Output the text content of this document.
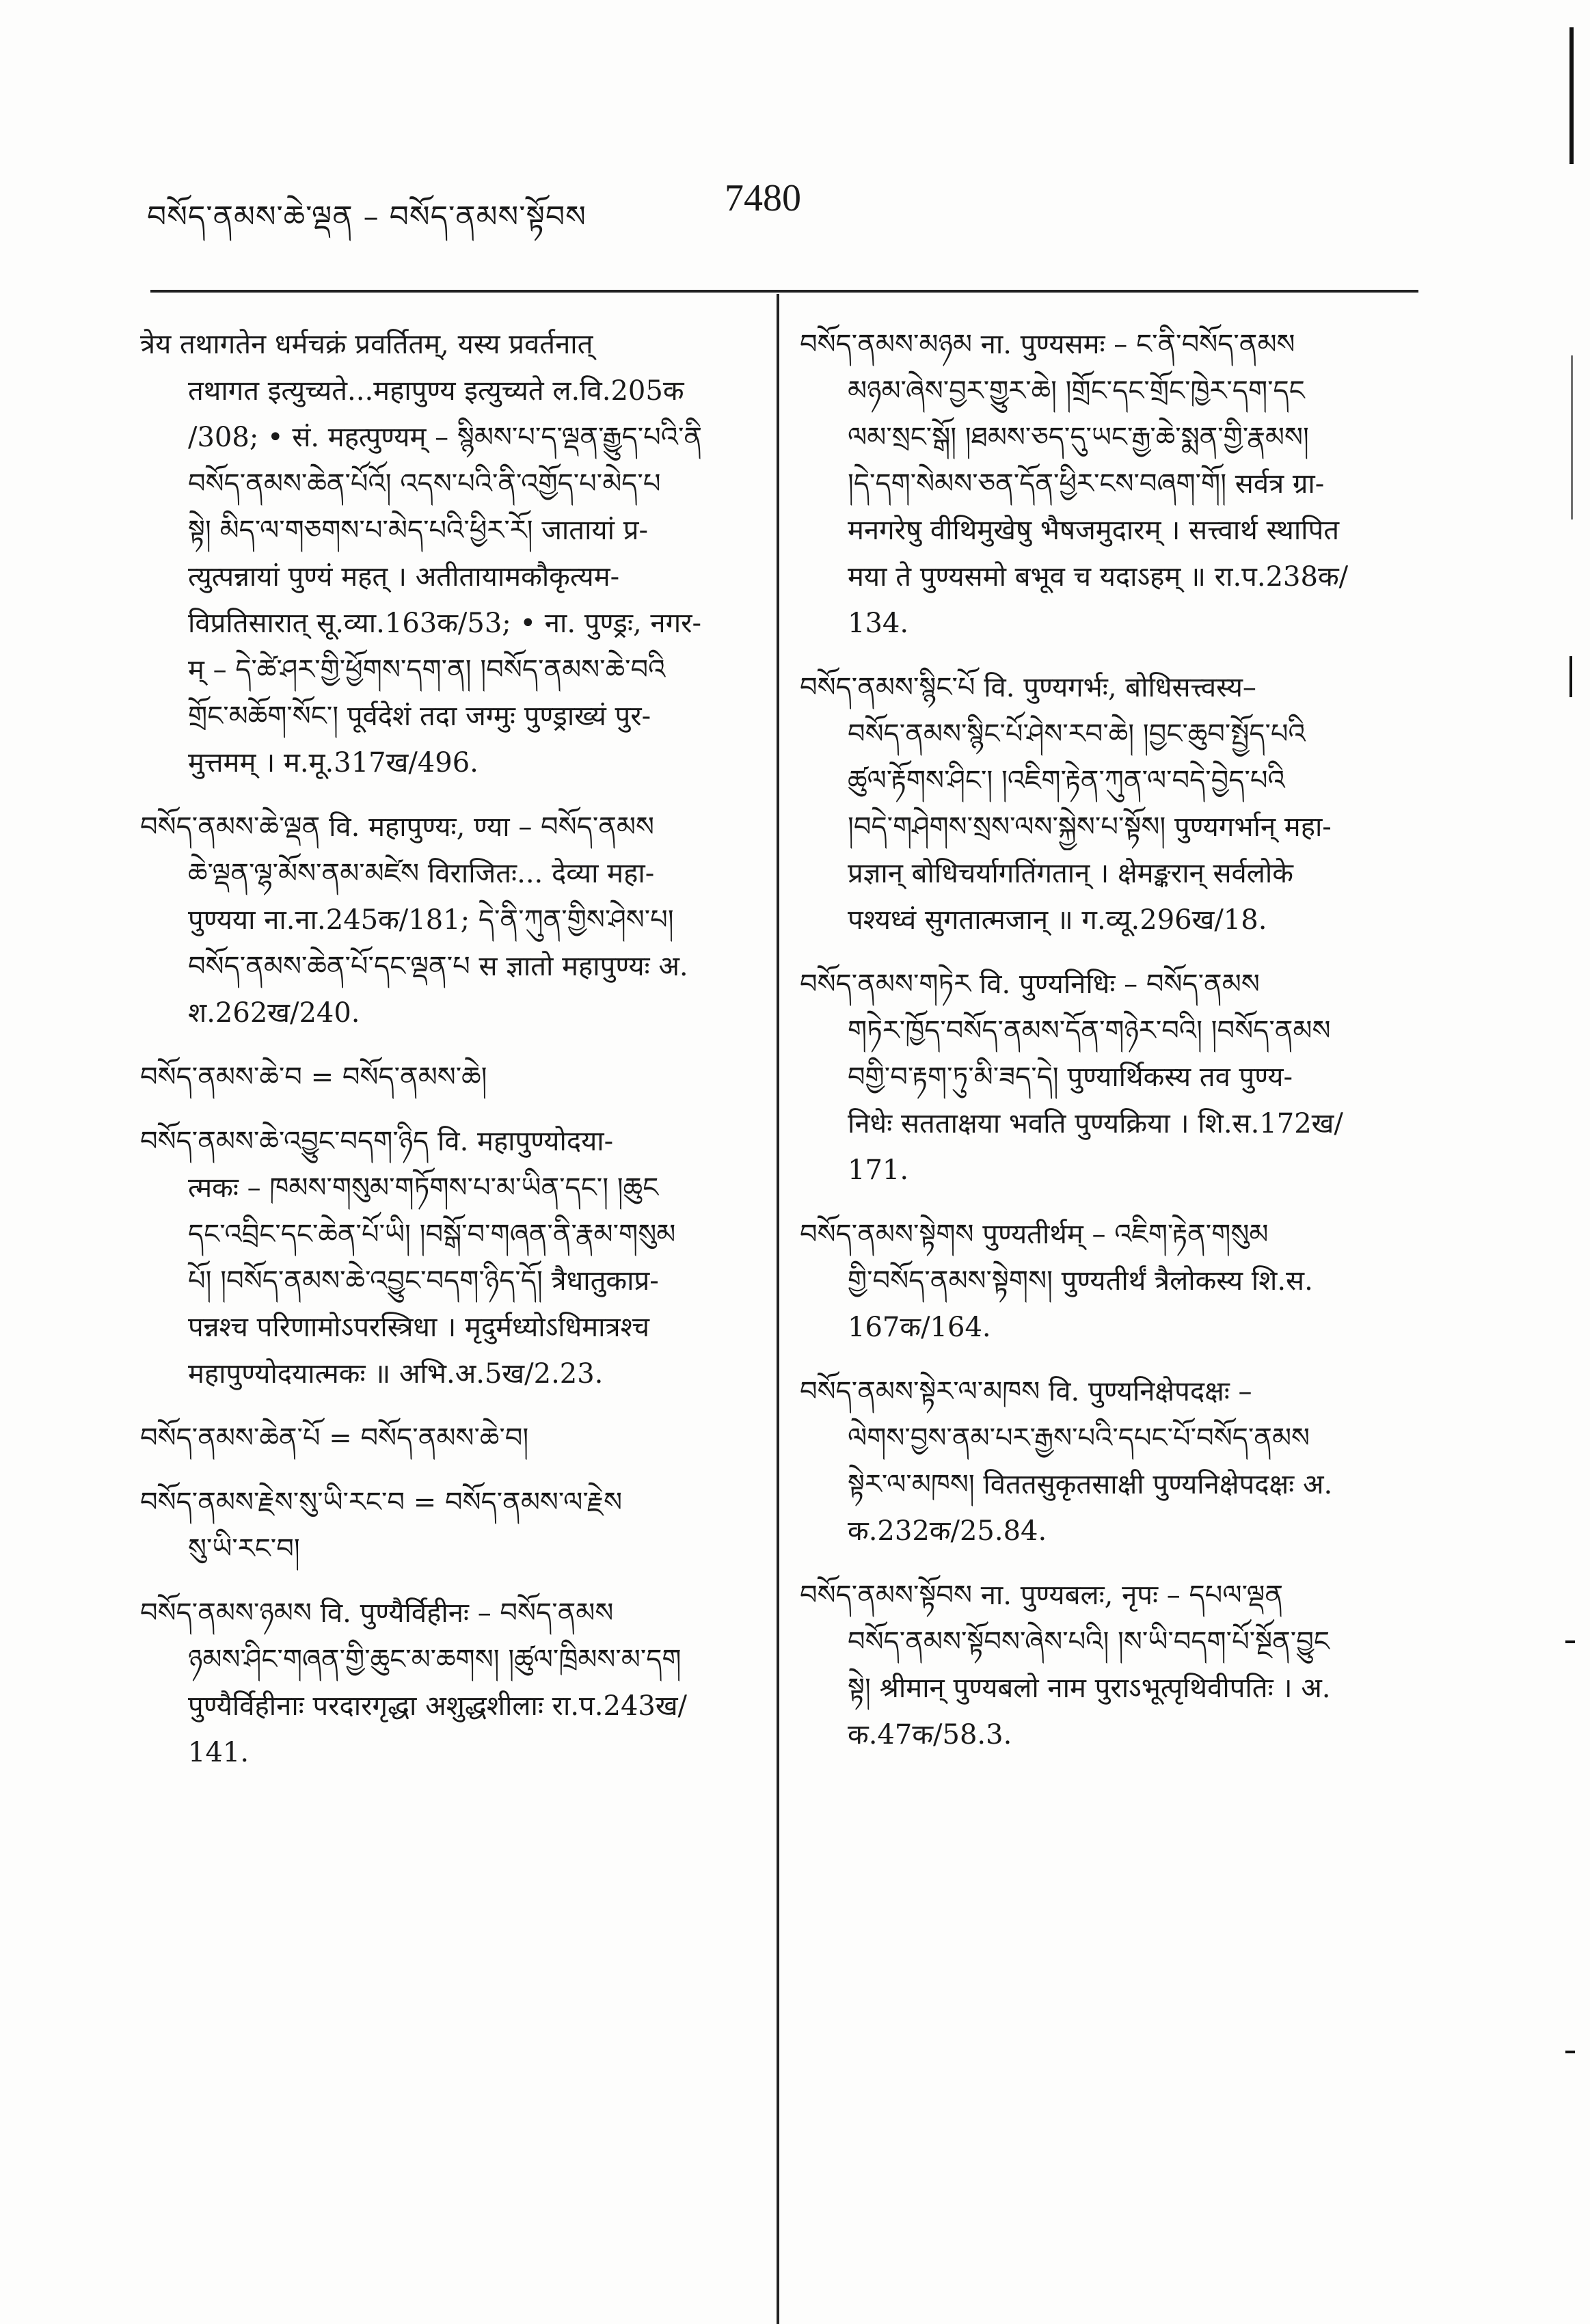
བསོད་ནམས་ཆེ་ལྡན – བསོད་ནམས་སྟོབས	7480
त्रेय तथागतेन धर्मचक्रं प्रवर्तितम्, यस्य प्रवर्तनात्
तथागत इत्युच्यते...महापुण्य इत्युच्यते ल.वि.205क
/308; • सं. महत्पुण्यम् – སྙིམས་པ་ད་ལྡན་རྒྱུད་པའི་ནི
བསོད་ནམས་ཆེན་པོའོ། འདས་པའི་ནི་འགྱོད་པ་མེད་པ
སྟེ། མིད་ལ་གཅགས་པ་མེད་པའི་ཕྱིར་རོ། जातायां प्र-
त्युत्पन्नायां पुण्यं महत् । अतीतायामकौकृत्यम-
विप्रतिसारात् सू.व्या.163क/53; • ना. पुण्ड्रः, नगर-
म् – དེ་ཚེ་ཤར་གྱི་ཕྱོགས་དག་ན། །བསོད་ནམས་ཆེ་བའི
གྲོང་མཆོག་སོང་། पूर्वदेशं तदा जग्मुः पुण्ड्राख्यं पुर-
मुत्तमम् । म.मू.317ख/496.
བསོད་ནམས་ཆེ་ལྡན वि. महापुण्यः, ण्या – བསོད་ནམས
ཆེ་ལྡན་ལྷ་མོས་ནམ་མཛེས विराजितः... देव्या महा-
पुण्यया ना.ना.245क/181; དེ་ནི་ཀུན་གྱིས་ཤེས་པ།
བསོད་ནམས་ཆེན་པོ་དང་ལྡན་པ स ज्ञातो महापुण्यः अ.
श.262ख/240.
བསོད་ནམས་ཆེ་བ = བསོད་ནམས་ཆེ།
བསོད་ནམས་ཆེ་འབྱུང་བདག་ཉིད वि. महापुण्योदया-
त्मकः – ཁམས་གསུམ་གཏོགས་པ་མ་ཡིན་དང་། །ཆུང
དང་འབྲིང་དང་ཆེན་པོ་ཡི། །བསྒོ་བ་གཞན་ནི་རྣམ་གསུམ
པོ། །བསོད་ནམས་ཆེ་འབྱུང་བདག་ཉིད་དོ། त्रैधातुकाप्र-
पन्नश्च परिणामोऽपरस्त्रिधा । मृदुर्मध्योऽधिमात्रश्च
महापुण्योदयात्मकः ॥ अभि.अ.5ख/2.23.
བསོད་ནམས་ཆེན་པོ = བསོད་ནམས་ཆེ་བ།
བསོད་ནམས་རྗེས་སུ་ཡི་རང་བ = བསོད་ནམས་ལ་རྗེས
སུ་ཡི་རང་བ།
བསོད་ནམས་ཉམས वि. पुण्यैर्विहीनः – བསོད་ནམས
ཉམས་ཤིང་གཞན་གྱི་ཆུང་མ་ཆགས། །ཚུལ་ཁྲིམས་མ་དག
पुण्यैर्विहीनाः परदारगृद्धा अशुद्धशीलाः रा.प.243ख/
141.
བསོད་ནམས་མཉམ ना. पुण्यसमः – ང་ནི་བསོད་ནམས
མཉམ་ཞེས་བྱར་གྱུར་ཆེ། །གྲོང་དང་གྲོང་ཁྱེར་དག་དང
ལམ་སྲང་སྒོ། །ཐམས་ཅད་དུ་ཡང་རྒྱ་ཆེ་སྨན་གྱི་རྣམས།
།དེ་དག་སེམས་ཅན་དོན་ཕྱིར་ངས་བཞག་གོ། सर्वत्र ग्रा-
मनगरेषु वीथिमुखेषु भैषजमुदारम् । सत्त्वार्थ स्थापित
मया ते पुण्यसमो बभूव च यदाऽहम् ॥ रा.प.238क/
134.
བསོད་ནམས་སྙིང་པོ वि. पुण्यगर्भः, बोधिसत्त्वस्य–
བསོད་ནམས་སྙིང་པོ་ཤེས་རབ་ཆེ། །བྱང་ཆུབ་སྤྱོད་པའི
ཚུལ་རྟོགས་ཤིང་། །འཇིག་རྟེན་ཀུན་ལ་བདེ་བྱེད་པའི
།བདེ་གཤེགས་སྲས་ལས་སྐྱེས་པ་སྟོས། पुण्यगर्भान् महा-
प्रज्ञान् बोधिचर्यागतिंगतान् । क्षेमङ्करान् सर्वलोके
पश्यध्वं सुगतात्मजान् ॥ ग.व्यू.296ख/18.
བསོད་ནམས་གཏེར वि. पुण्यनिधिः – བསོད་ནམས
གཏེར་ཁྱོད་བསོད་ནམས་དོན་གཉེར་བའི། །བསོད་ནམས
བགྱི་བ་རྟག་ཏུ་མི་ཟད་དེ། पुण्यार्थिकस्य तव पुण्य-
निधेः सतताक्षया भवति पुण्यक्रिया । शि.स.172ख/
171.
བསོད་ནམས་སྟེགས पुण्यतीर्थम् – འཇིག་རྟེན་གསུམ
གྱི་བསོད་ནམས་སྟེགས། पुण्यतीर्थं त्रैलोकस्य शि.स.
167क/164.
བསོད་ནམས་སྟེར་ལ་མཁས वि. पुण्यनिक्षेपदक्षः –
ལེགས་བྱས་ནམ་པར་རྒྱས་པའི་དཔང་པོ་བསོད་ནམས
སྟེར་ལ་མཁས། विततसुकृतसाक्षी पुण्यनिक्षेपदक्षः अ.
क.232क/25.84.
བསོད་ནམས་སྟོབས ना. पुण्यबलः, नृपः – དཔལ་ལྡན
བསོད་ནམས་སྟོབས་ཞེས་པའི། །ས་ཡི་བདག་པོ་སྔོན་བྱུང
སྟེ། श्रीमान् पुण्यबलो नाम पुराऽभूत्पृथिवीपतिः । अ.
क.47क/58.3.
